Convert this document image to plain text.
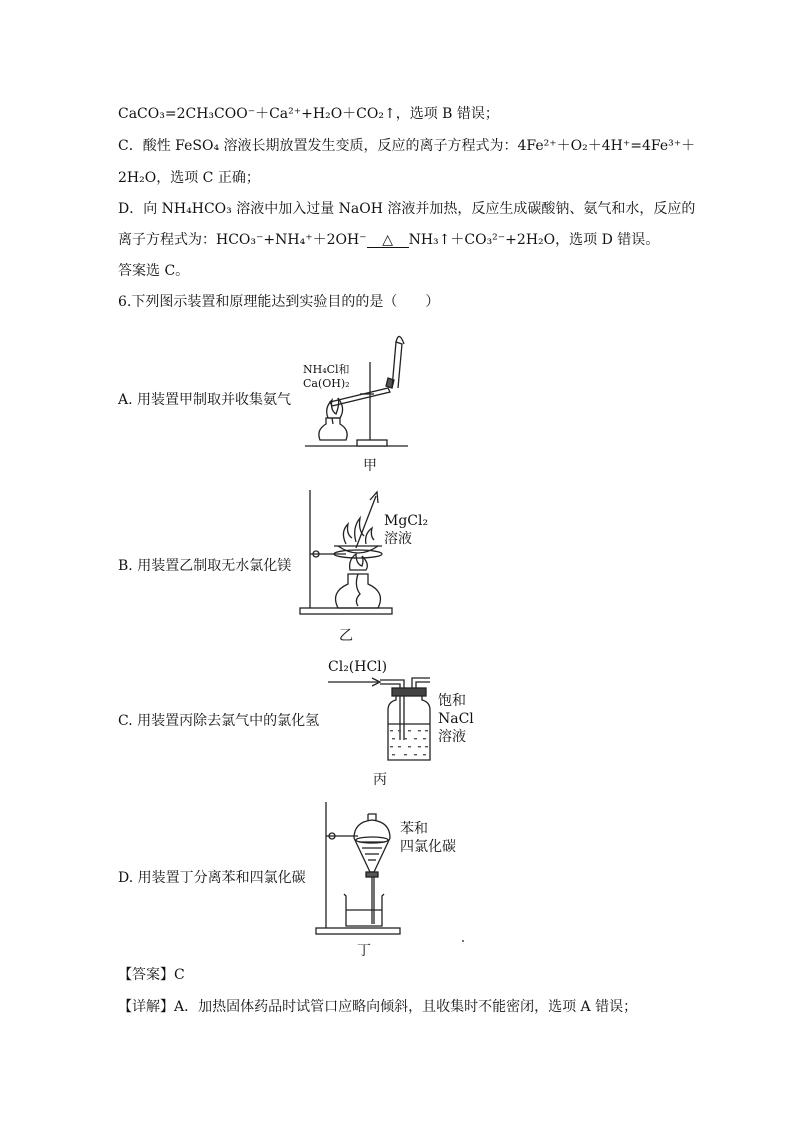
CaCO₃=2CH₃COO⁻＋Ca²⁺+H₂O＋CO₂↑，选项 B 错误；
C．酸性 FeSO₄ 溶液长期放置发生变质，反应的离子方程式为：4Fe²⁺＋O₂＋4H⁺=4Fe³⁺＋
2H₂O，选项 C 正确；
D．向 NH₄HCO₃ 溶液中加入过量 NaOH 溶液并加热，反应生成碳酸钠、氨气和水，反应的
离子方程式为：HCO₃⁻+NH₄⁺＋2OH⁻ △ NH₃↑＋CO₃²⁻+2H₂O，选项 D 错误。
答案选 C。
6.下列图示装置和原理能达到实验目的的是（　　）
A. 用装置甲制取并收集氨气
B. 用装置乙制取无水氯化镁
C. 用装置丙除去氯气中的氯化氢
D. 用装置丁分离苯和四氯化碳
NH₄Cl和
Ca(OH)₂
甲
MgCl₂
溶液
乙
Cl₂(HCl)
饱和
NaCl
溶液
丙
苯和
四氯化碳
丁
【答案】C
【详解】A．加热固体药品时试管口应略向倾斜，且收集时不能密闭，选项 A 错误；
